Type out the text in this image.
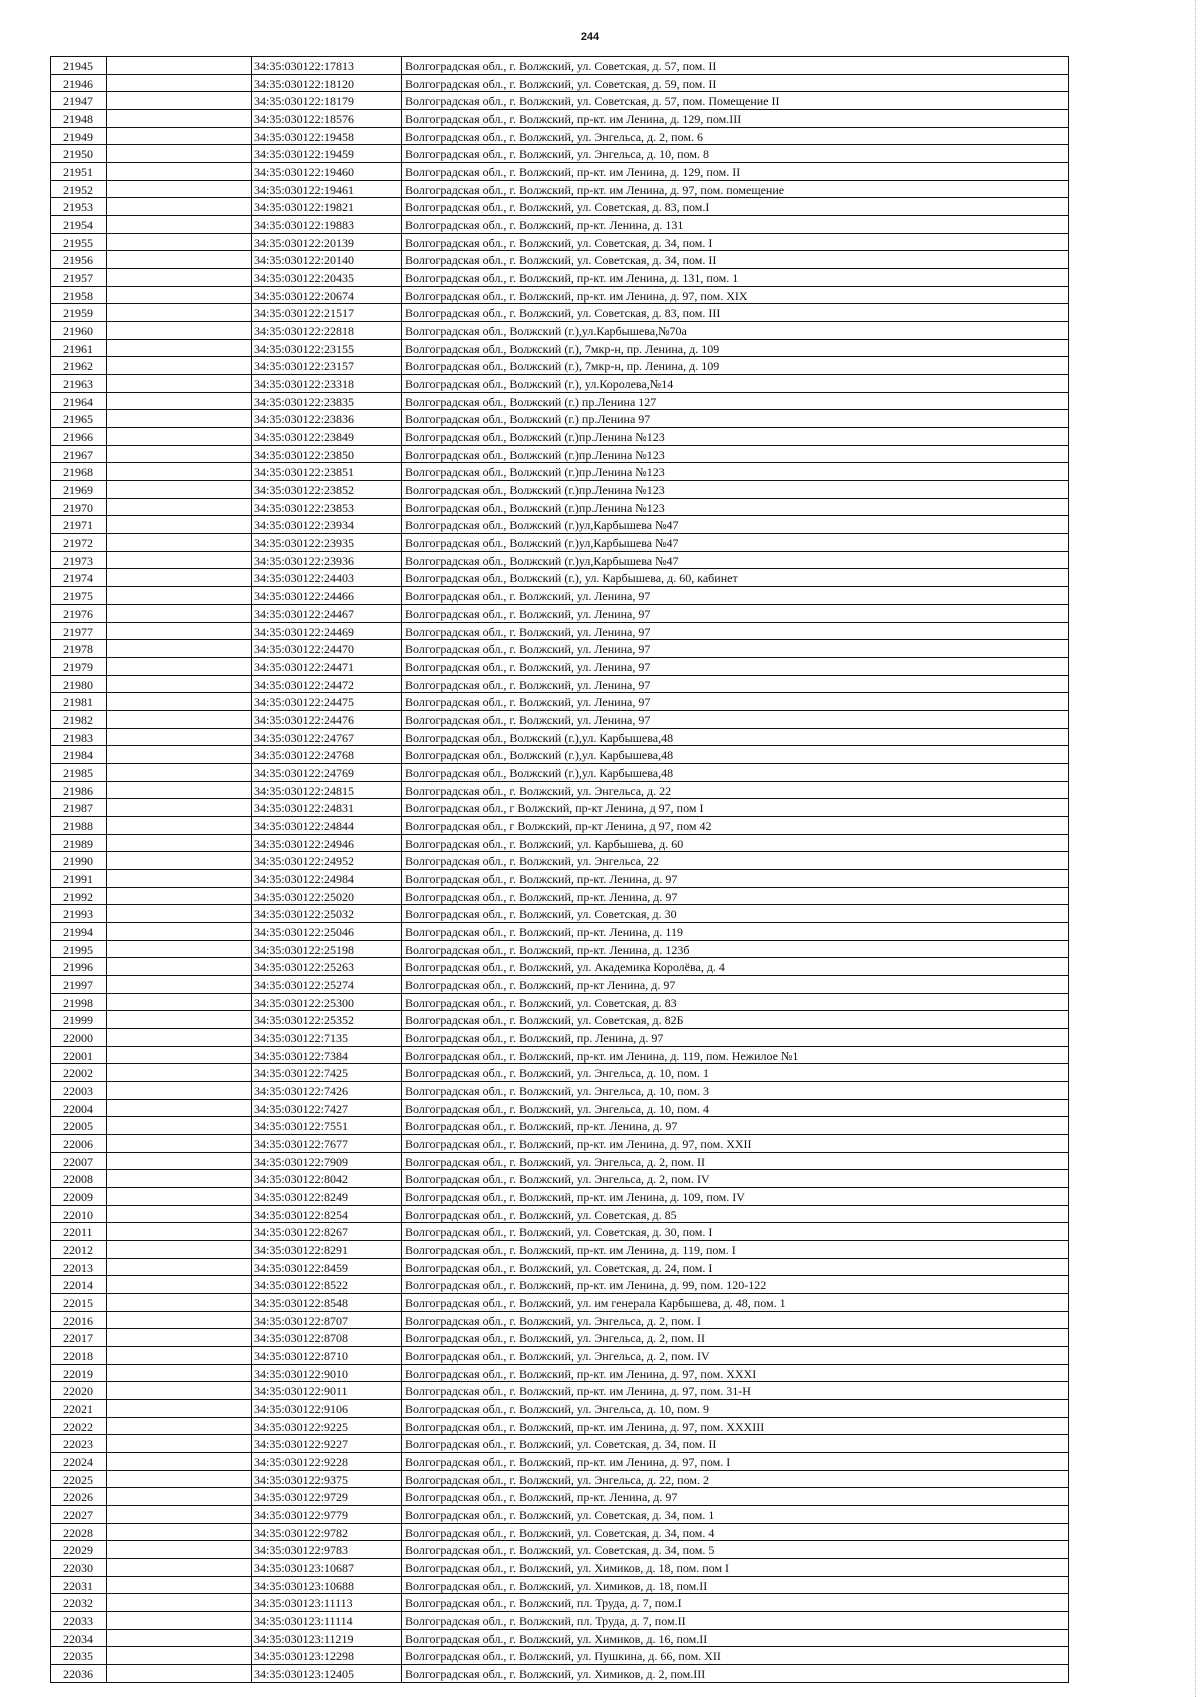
244
21945	34:35:030122:17813	Волгоградская обл., г. Волжский, ул. Советская, д. 57, пом. II
21946	34:35:030122:18120	Волгоградская обл., г. Волжский, ул. Советская, д. 59, пом. II
21947	34:35:030122:18179	Волгоградская обл., г. Волжский, ул. Советская, д. 57, пом. Помещение II
21948	34:35:030122:18576	Волгоградская обл., г. Волжский, пр-кт. им Ленина, д. 129, пом.III
21949	34:35:030122:19458	Волгоградская обл., г. Волжский, ул. Энгельса, д. 2, пом. 6
21950	34:35:030122:19459	Волгоградская обл., г. Волжский, ул. Энгельса, д. 10, пом. 8
21951	34:35:030122:19460	Волгоградская обл., г. Волжский, пр-кт. им Ленина, д. 129, пом. II
21952	34:35:030122:19461	Волгоградская обл., г. Волжский, пр-кт. им Ленина, д. 97, пом. помещение
21953	34:35:030122:19821	Волгоградская обл., г. Волжский, ул. Советская, д. 83, пом.I
21954	34:35:030122:19883	Волгоградская обл., г. Волжский, пр-кт. Ленина, д. 131
21955	34:35:030122:20139	Волгоградская обл., г. Волжский, ул. Советская, д. 34, пом. I
21956	34:35:030122:20140	Волгоградская обл., г. Волжский, ул. Советская, д. 34, пом. II
21957	34:35:030122:20435	Волгоградская обл., г. Волжский, пр-кт. им Ленина, д. 131, пом. 1
21958	34:35:030122:20674	Волгоградская обл., г. Волжский, пр-кт. им Ленина, д. 97, пом. XIX
21959	34:35:030122:21517	Волгоградская обл., г. Волжский, ул. Советская, д. 83, пом. III
21960	34:35:030122:22818	Волгоградская обл., Волжский (г.),ул.Карбышева,№70а
21961	34:35:030122:23155	Волгоградская обл., Волжский (г.), 7мкр-н, пр. Ленина, д. 109
21962	34:35:030122:23157	Волгоградская обл., Волжский (г.), 7мкр-н, пр. Ленина, д. 109
21963	34:35:030122:23318	Волгоградская обл., Волжский (г.), ул.Королева,№14
21964	34:35:030122:23835	Волгоградская обл., Волжский (г.) пр.Ленина 127
21965	34:35:030122:23836	Волгоградская обл., Волжский (г.) пр.Ленина 97
21966	34:35:030122:23849	Волгоградская обл., Волжский (г.)пр.Ленина №123
21967	34:35:030122:23850	Волгоградская обл., Волжский (г.)пр.Ленина №123
21968	34:35:030122:23851	Волгоградская обл., Волжский (г.)пр.Ленина №123
21969	34:35:030122:23852	Волгоградская обл., Волжский (г.)пр.Ленина №123
21970	34:35:030122:23853	Волгоградская обл., Волжский (г.)пр.Ленина №123
21971	34:35:030122:23934	Волгоградская обл., Волжский (г.)ул,Карбышева №47
21972	34:35:030122:23935	Волгоградская обл., Волжский (г.)ул,Карбышева №47
21973	34:35:030122:23936	Волгоградская обл., Волжский (г.)ул,Карбышева №47
21974	34:35:030122:24403	Волгоградская обл., Волжский (г.), ул. Карбышева, д. 60, кабинет
21975	34:35:030122:24466	Волгоградская обл., г. Волжский, ул. Ленина, 97
21976	34:35:030122:24467	Волгоградская обл., г. Волжский, ул. Ленина, 97
21977	34:35:030122:24469	Волгоградская обл., г. Волжский, ул. Ленина, 97
21978	34:35:030122:24470	Волгоградская обл., г. Волжский, ул. Ленина, 97
21979	34:35:030122:24471	Волгоградская обл., г. Волжский, ул. Ленина, 97
21980	34:35:030122:24472	Волгоградская обл., г. Волжский, ул. Ленина, 97
21981	34:35:030122:24475	Волгоградская обл., г. Волжский, ул. Ленина, 97
21982	34:35:030122:24476	Волгоградская обл., г. Волжский, ул. Ленина, 97
21983	34:35:030122:24767	Волгоградская обл., Волжский (г.),ул. Карбышева,48
21984	34:35:030122:24768	Волгоградская обл., Волжский (г.),ул. Карбышева,48
21985	34:35:030122:24769	Волгоградская обл., Волжский (г.),ул. Карбышева,48
21986	34:35:030122:24815	Волгоградская обл., г. Волжский, ул. Энгельса, д. 22
21987	34:35:030122:24831	Волгоградская обл., г Волжский, пр-кт Ленина, д 97, пом I
21988	34:35:030122:24844	Волгоградская обл., г Волжский, пр-кт Ленина, д 97, пом 42
21989	34:35:030122:24946	Волгоградская обл., г. Волжский, ул. Карбышева, д. 60
21990	34:35:030122:24952	Волгоградская обл., г. Волжский, ул. Энгельса, 22
21991	34:35:030122:24984	Волгоградская обл., г. Волжский, пр-кт. Ленина, д. 97
21992	34:35:030122:25020	Волгоградская обл., г. Волжский, пр-кт. Ленина, д. 97
21993	34:35:030122:25032	Волгоградская обл., г. Волжский, ул. Советская, д. 30
21994	34:35:030122:25046	Волгоградская обл., г. Волжский, пр-кт. Ленина, д. 119
21995	34:35:030122:25198	Волгоградская обл., г. Волжский, пр-кт. Ленина, д. 123б
21996	34:35:030122:25263	Волгоградская обл., г. Волжский, ул. Академика Королёва, д. 4
21997	34:35:030122:25274	Волгоградская обл., г. Волжский, пр-кт Ленина, д. 97
21998	34:35:030122:25300	Волгоградская обл., г. Волжский, ул. Советская, д. 83
21999	34:35:030122:25352	Волгоградская обл., г. Волжский, ул. Советская, д. 82Б
22000	34:35:030122:7135	Волгоградская обл., г. Волжский, пр. Ленина, д. 97
22001	34:35:030122:7384	Волгоградская обл., г. Волжский, пр-кт. им Ленина, д. 119, пом. Нежилое №1
22002	34:35:030122:7425	Волгоградская обл., г. Волжский, ул. Энгельса, д. 10, пом. 1
22003	34:35:030122:7426	Волгоградская обл., г. Волжский, ул. Энгельса, д. 10, пом. 3
22004	34:35:030122:7427	Волгоградская обл., г. Волжский, ул. Энгельса, д. 10, пом. 4
22005	34:35:030122:7551	Волгоградская обл., г. Волжский, пр-кт. Ленина, д. 97
22006	34:35:030122:7677	Волгоградская обл., г. Волжский, пр-кт. им Ленина, д. 97, пом. XXII
22007	34:35:030122:7909	Волгоградская обл., г. Волжский, ул. Энгельса, д. 2, пом. II
22008	34:35:030122:8042	Волгоградская обл., г. Волжский, ул. Энгельса, д. 2, пом. IV
22009	34:35:030122:8249	Волгоградская обл., г. Волжский, пр-кт. им Ленина, д. 109, пом. IV
22010	34:35:030122:8254	Волгоградская обл., г. Волжский, ул. Советская, д. 85
22011	34:35:030122:8267	Волгоградская обл., г. Волжский, ул. Советская, д. 30, пом. I
22012	34:35:030122:8291	Волгоградская обл., г. Волжский, пр-кт. им Ленина, д. 119, пом. I
22013	34:35:030122:8459	Волгоградская обл., г. Волжский, ул. Советская, д. 24, пом. I
22014	34:35:030122:8522	Волгоградская обл., г. Волжский, пр-кт. им Ленина, д. 99, пом. 120-122
22015	34:35:030122:8548	Волгоградская обл., г. Волжский, ул. им генерала Карбышева, д. 48, пом. 1
22016	34:35:030122:8707	Волгоградская обл., г. Волжский, ул. Энгельса, д. 2, пом. I
22017	34:35:030122:8708	Волгоградская обл., г. Волжский, ул. Энгельса, д. 2, пом. II
22018	34:35:030122:8710	Волгоградская обл., г. Волжский, ул. Энгельса, д. 2, пом. IV
22019	34:35:030122:9010	Волгоградская обл., г. Волжский, пр-кт. им Ленина, д. 97, пом. XXXI
22020	34:35:030122:9011	Волгоградская обл., г. Волжский, пр-кт. им Ленина, д. 97, пом. 31-Н
22021	34:35:030122:9106	Волгоградская обл., г. Волжский, ул. Энгельса, д. 10, пом. 9
22022	34:35:030122:9225	Волгоградская обл., г. Волжский, пр-кт. им Ленина, д. 97, пом. XXXIII
22023	34:35:030122:9227	Волгоградская обл., г. Волжский, ул. Советская, д. 34, пом. II
22024	34:35:030122:9228	Волгоградская обл., г. Волжский, пр-кт. им Ленина, д. 97, пом. I
22025	34:35:030122:9375	Волгоградская обл., г. Волжский, ул. Энгельса, д. 22, пом. 2
22026	34:35:030122:9729	Волгоградская обл., г. Волжский, пр-кт. Ленина, д. 97
22027	34:35:030122:9779	Волгоградская обл., г. Волжский, ул. Советская, д. 34, пом. 1
22028	34:35:030122:9782	Волгоградская обл., г. Волжский, ул. Советская, д. 34, пом. 4
22029	34:35:030122:9783	Волгоградская обл., г. Волжский, ул. Советская, д. 34, пом. 5
22030	34:35:030123:10687	Волгоградская обл., г. Волжский, ул. Химиков, д. 18, пом. пом I
22031	34:35:030123:10688	Волгоградская обл., г. Волжский, ул. Химиков, д. 18, пом.II
22032	34:35:030123:11113	Волгоградская обл., г. Волжский, пл. Труда, д. 7, пом.I
22033	34:35:030123:11114	Волгоградская обл., г. Волжский, пл. Труда, д. 7, пом.II
22034	34:35:030123:11219	Волгоградская обл., г. Волжский, ул. Химиков, д. 16, пом.II
22035	34:35:030123:12298	Волгоградская обл., г. Волжский, ул. Пушкина, д. 66, пом. XII
22036	34:35:030123:12405	Волгоградская обл., г. Волжский, ул. Химиков, д. 2, пом.III
